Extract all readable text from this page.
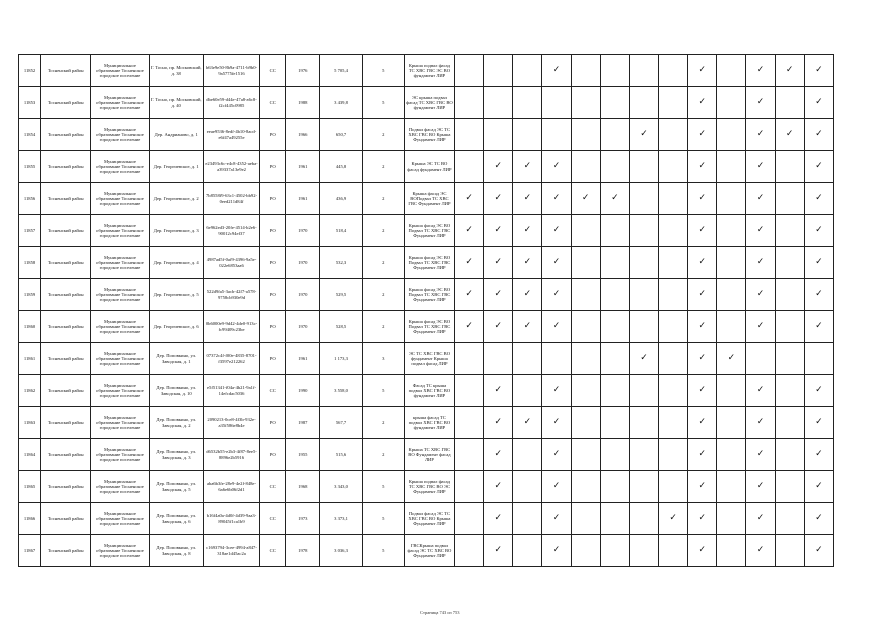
11852	Тосненский район	Муниципальное образование Тосненское городское поселение	Г. Тосно, пр. Московский, д. 38	b63e9e50-8b9a-4711-b9b0-9a5775fe1516	СС	1976	5 705,4	5	Крыша подвал фасад ТС ХВС ГВС ЭС ВО фундамент ЛИР				✓					✓		✓	✓	✓
11853	Тосненский район	Муниципальное образование Тосненское городское поселение	Г. Тосно, пр. Московский, д. 40	dbe60e59-d44e-47a8-a6c8-f2cf445c0985	СС	1988	3 439,8	5	ЭС крыша подвал фасад ТС ХВС ГВС ВО фундамент ЛИР									✓		✓		✓
11854	Тосненский район	Муниципальное образование Тосненское городское поселение	Дер. Андрианово, д. 1	eeae9536-8edf-4b10-8acd-e6f47a49255e	РО	1966	650,7	2	Подвал фасад ЭС ТС ХВС ГВС ВО Крыша Фундамент ЛИР							✓		✓		✓	✓	✓
11855	Тосненский район	Муниципальное образование Тосненское городское поселение	Дер. Георгиевское, д. 1	e23493c6c-e4c8-4352-aeba-a39337a13e9e2	РО	1961	445,8	2	Крыша ЭС ТС ВО фасад фундамент ЛИР		✓	✓	✓					✓		✓		✓
11856	Тосненский район	Муниципальное образование Тосненское городское поселение	Дер. Георгиевское, д. 2	7b8558f9-63c1-4502-bb92-0eed211d84f	РО	1961	436,9	2	Крыша фасад ЭС ВОПодвал ТС ХВС ГВС Фундамент ЛИР	✓	✓	✓	✓	✓	✓			✓		✓		✓
11857	Тосненский район	Муниципальное образование Тосненское городское поселение	Дер. Георгиевское, д. 3	6e962ed3-20fe-4514-b2e6-90012c94ef37	РО	1970	518,4	2	Крыша фасад ЭС ВО Подвал ТС ХВС ГВС Фундамент ЛИР	✓	✓	✓	✓					✓		✓		✓
11858	Тосненский район	Муниципальное образование Тосненское городское поселение	Дер. Георгиевское, д. 4	4987ad5f-0af9-4396-9a5e-022e6853aa6	РО	1970	532,3	2	Крыша фасад ЭС ВО Подвал ТС ХВС ГВС Фундамент ЛИР	✓	✓	✓	✓					✓		✓		✓
11859	Тосненский район	Муниципальное образование Тосненское городское поселение	Дер. Георгиевское, д. 5	522d9fa5-3acb-42f7-a578-9758cb930e9d	РО	1970	529,5	2	Крыша фасад ЭС ВО Подвал ТС ХВС ГВС Фундамент ЛИР	✓	✓	✓	✓					✓		✓		✓
11860	Тосненский район	Муниципальное образование Тосненское городское поселение	Дер. Георгиевское, д. 6	0b6000e9-9d42-4de0-913c-fc99409c23be	РО	1970	528,5	2	Крыша фасад ЭС ВО Подвал ТС ХВС ГВС Фундамент ЛИР	✓	✓	✓	✓					✓		✓		✓
11861	Тосненский район	Муниципальное образование Тосненское городское поселение	Дер. Поповкино, ул. Заводская, д. 1	07372c4f-f00e-4835-8701-f3597e212262	РО	1961	1 173,3	3	ЭС ТС ХВС ГВС ВО фундамент Крыша подвал фасад ЛИР							✓		✓	✓			
11862	Тосненский район	Муниципальное образование Тосненское городское поселение	Дер. Поповкино, ул. Заводская, д. 10	e5f51341-f04a-4b21-9a1f-14efcdac5036	СС	1990	3 558,0	5	Фасад ТС крыша подвал ХВС ГВС ВО фундамент ЛИР		✓		✓					✓		✓		✓
11863	Тосненский район	Муниципальное образование Тосненское городское поселение	Дер. Поповкино, ул. Заводская, д. 2	2090213-0ce8-4f3b-932e-a35f586e8b4e	РО	1987	567,7	2	крыша фасад ТС подвал ХВС ГВС ВО фундамент ЛИР		✓	✓	✓					✓		✓		✓
11864	Тосненский район	Муниципальное образование Тосненское городское поселение	Дер. Поповкино, ул. Заводская, д. 3	d6532b55-e2b3-4f87-8ee5-8896e2b5916	РО	1955	515,6	2	Крыша ТС ХВС ГВС ВО Фундамент фасад ЛИР		✓		✓					✓		✓		✓
11865	Тосненский район	Муниципальное образование Тосненское городское поселение	Дер. Поповкино, ул. Заводская, д. 5	aba6b3fe-28e9-4e2f-848e-6a6e6b06f2d1	СС	1968	3 343,0	5	Крыша подвал фасад ТС ХВС ГВС ВО ЭС Фундамент ЛИР		✓		✓					✓		✓		✓
11866	Тосненский район	Муниципальное образование Тосненское городское поселение	Дер. Поповкино, ул. Заводская, д. 6	b16f4a0a-4d0f-4d39-9aa3-89045f1ca1b9	СС	1973	3 373,1	5	Подвал фасад ЭС ТС ХВС ГВС ВО Крыша Фундамент ЛИР		✓		✓				✓	✓		✓		✓
11867	Тосненский район	Муниципальное образование Тосненское городское поселение	Дер. Поповкино, ул. Заводская, д. 8	c1693794-3cee-4994-a847-318ae1d45ac2a	СС	1978	3 036,3	5	ГВСКрыша подвал фасад ЭС ТС ХВС ВО Фундамент ЛИР		✓		✓					✓		✓		✓
Страница 743 из 753
